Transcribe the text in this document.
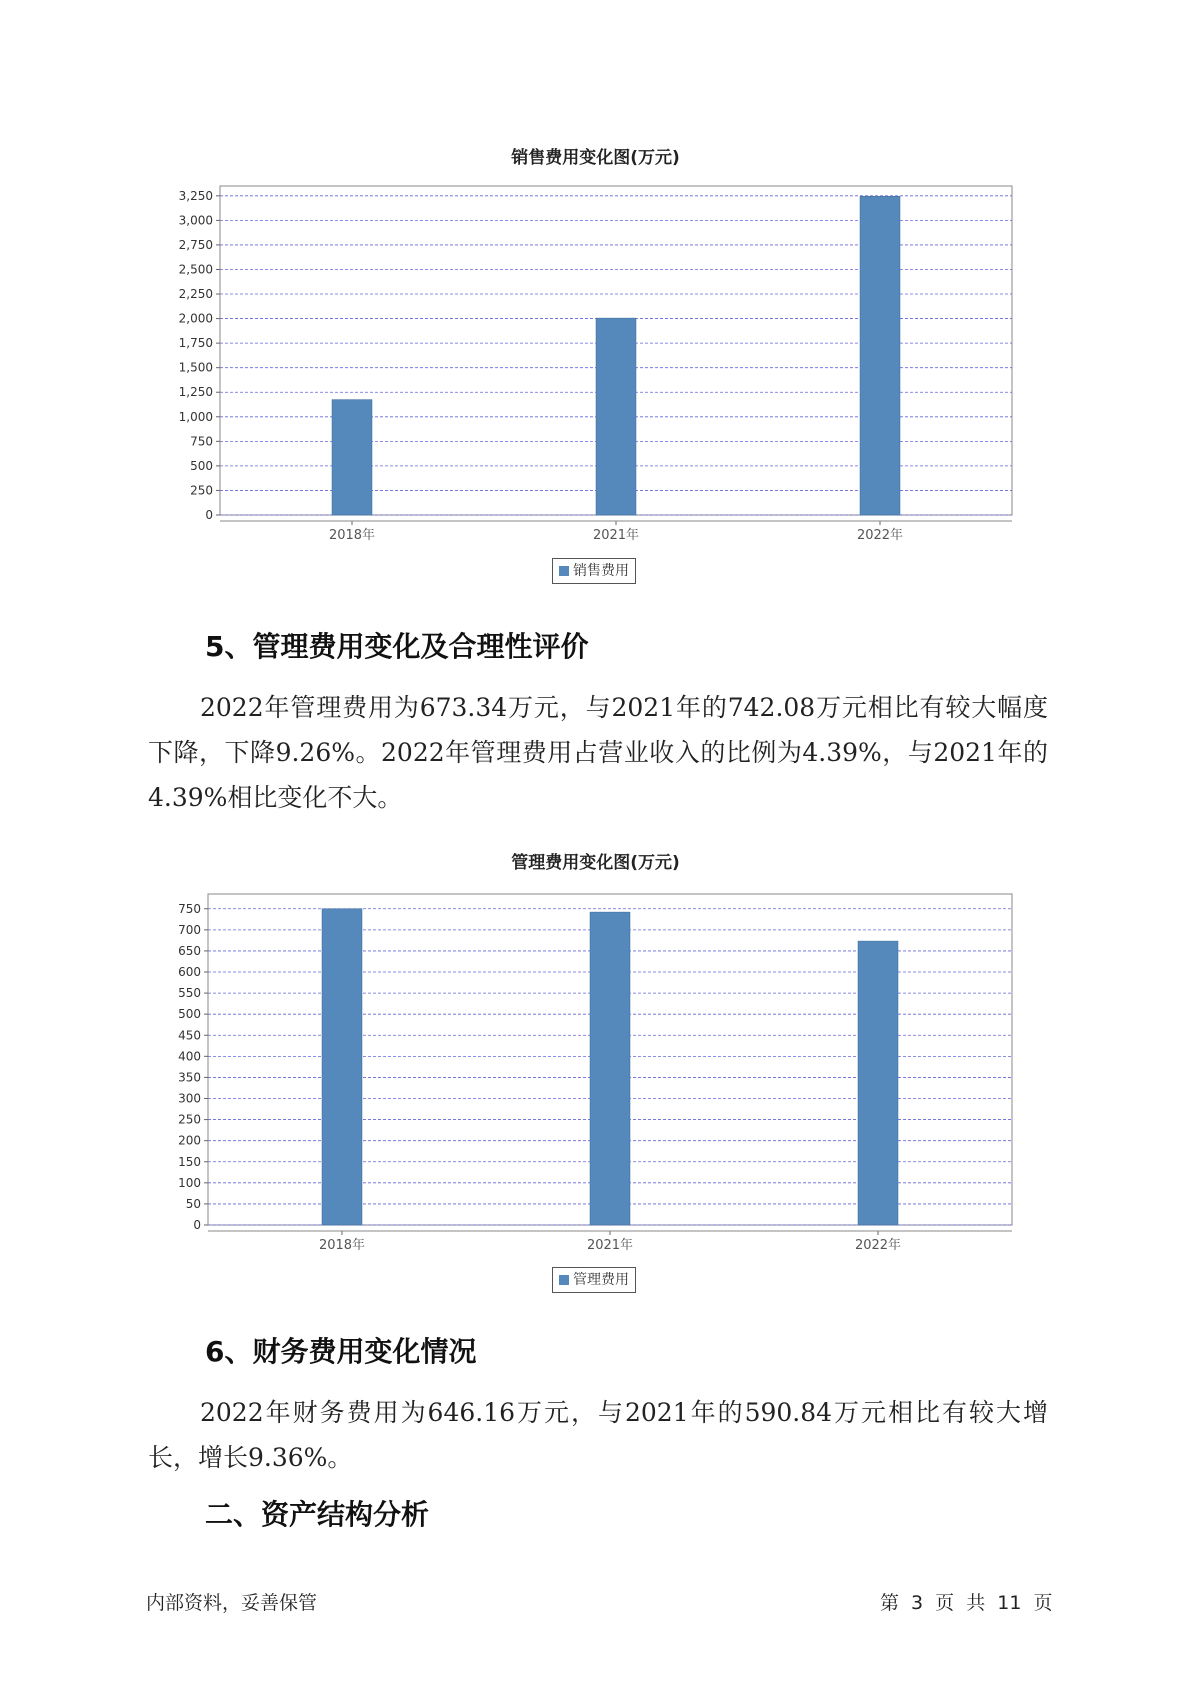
销售费用变化图(万元)
0
250
500
750
1,000
1,250
1,500
1,750
2,000
2,250
2,500
2,750
3,000
3,250
2018年	2021年	2022年
销售费用
5、管理费用变化及合理性评价
2022年管理费用为673.34万元，与2021年的742.08万元相比有较大幅度下降，下降9.26%。2022年管理费用占营业收入的比例为4.39%，与2021年的4.39%相比变化不大。
管理费用变化图(万元)
0
50
100
150
200
250
300
350
400
450
500
550
600
650
700
750
2018年	2021年	2022年
管理费用
6、财务费用变化情况
2022年财务费用为646.16万元，与2021年的590.84万元相比有较大增长，增长9.36%。
二、资产结构分析
内部资料，妥善保管	第 3 页 共 11 页
